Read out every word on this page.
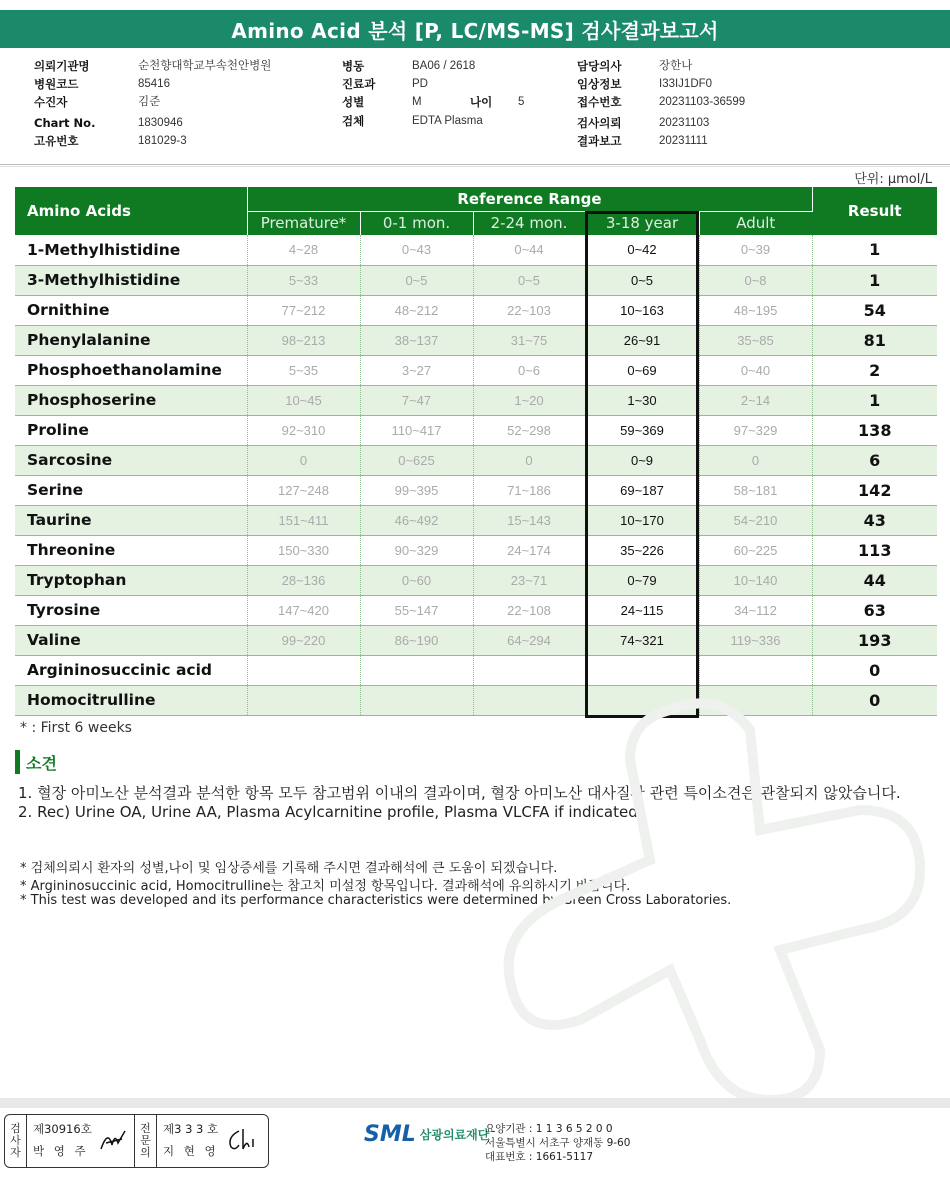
Amino Acid 분석 [P, LC/MS-MS] 검사결과보고서
의뢰기관명	순천향대학교부속천안병원
병원코드	85416
수진자	김준
Chart No.	1830946
고유번호	181029-3
병동	BA06 / 2618
진료과	PD
성별	M
검체	EDTA Plasma
담당의사	장한나
임상정보	I33IJ1DF0
접수번호	20231103-36599
검사의뢰	20231103
결과보고	20231111
나이	5
단위: μmol/L
Amino Acids	Reference Range					Result
	Premature*	0-1 mon.	2-24 mon.	3-18 year	Adult	
1-Methylhistidine	4~28	0~43	0~44	0~42	0~39	1
3-Methylhistidine	5~33	0~5	0~5	0~5	0~8	1
Ornithine	77~212	48~212	22~103	10~163	48~195	54
Phenylalanine	98~213	38~137	31~75	26~91	35~85	81
Phosphoethanolamine	5~35	3~27	0~6	0~69	0~40	2
Phosphoserine	10~45	7~47	1~20	1~30	2~14	1
Proline	92~310	110~417	52~298	59~369	97~329	138
Sarcosine	0	0~625	0	0~9	0	6
Serine	127~248	99~395	71~186	69~187	58~181	142
Taurine	151~411	46~492	15~143	10~170	54~210	43
Threonine	150~330	90~329	24~174	35~226	60~225	113
Tryptophan	28~136	0~60	23~71	0~79	10~140	44
Tyrosine	147~420	55~147	22~108	24~115	34~112	63
Valine	99~220	86~190	64~294	74~321	119~336	193
Argininosuccinic acid						0
Homocitrulline						0
* : First 6 weeks
소견
1. 혈장 아미노산 분석결과 분석한 항목 모두 참고범위 이내의 결과이며, 혈장 아미노산 대사질환 관련 특이소견은 관찰되지 않았습니다.
2. Rec) Urine OA, Urine AA, Plasma Acylcarnitine profile, Plasma VLCFA if indicated
* 검체의뢰시 환자의 성별,나이 및 임상증세를 기록해 주시면 결과해석에 큰 도움이 되겠습니다.
* Argininosuccinic acid, Homocitrulline는 참고치 미설정 항목입니다. 결과해석에 유의하시기 바랍니다.
* This test was developed and its performance characteristics were determined by Green Cross Laboratories.
검
사
자
제30916호
박 영 주
전
문
의
제3 3 3 호
지 현 영
SML 삼광의료재단
요양기관 : 1 1 3 6 5 2 0 0
서울특별시 서초구 양재동 9-60
대표번호 : 1661-5117
